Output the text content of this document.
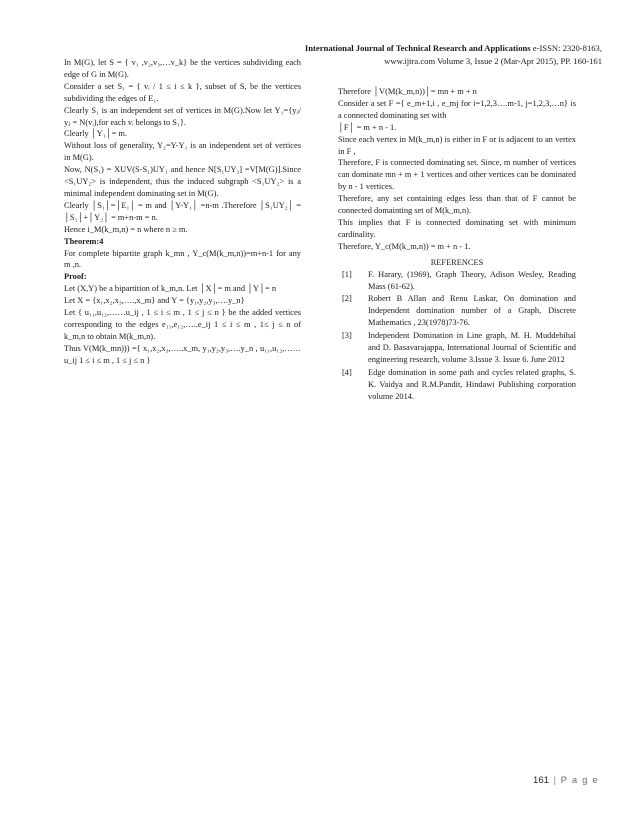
International Journal of Technical Research and Applications e-ISSN: 2320-8163,
www.ijtra.com Volume 3, Issue 2 (Mar-Apr 2015), PP. 160-161

In M(G), let S = { v₁ ,v₂,v₃,…v_k} be the vertices subdividing each edge of G in M(G).

Consider a set S₁ = { vᵢ / 1 ≤ i ≤ k }, subset of S, be the vertices subdividing the edges of E₁.

Clearly S₁ is an independent set of vertices in M(G).Now let Y₁={yⱼ/ yⱼ = N(vᵢ),for each vᵢ belongs to S₁}.

Clearly │Y₁│= m.

Without loss of generality, Y₂=Y-Y₁ is an independent set of vertices in M(G).

Now, N(S₁) = XUV(S-S₁)UY₁ and hence N[S₁UY₂] =V[M(G)].Since <S₁UY₂> is independent, thus the induced subgraph <S₁UY₂> is a minimal independent dominating set in M(G).

Clearly │S₁│=│E₁│ = m and │Y-Y₁│ =n-m .Therefore │S₁UY₂│ = │S₁│+│Y₂│ = m+n-m = n.

Hence i_M(k_m,n) = n where n ≥ m.

Theorem:4

For complete bipartite graph k_mn , Y_c(M(k_m,n))=m+n-1 for any m ,n.

Proof:

Let (X,Y) be a bipartition of k_m,n. Let │X│= m and │Y│= n

Let X = {x₁,x₂,x₃,….,x_m} and Y = {y₁,y₂,y₃,….y_n}

Let { u₁₁,u₁₂,……u_ij , 1 ≤ i ≤ m , 1 ≤ j ≤ n } be the added vertices corresponding to the edges e₁₁,e₁₂,…..e_ij 1 ≤ i ≤ m , 1≤ j ≤ n of k_m,n to obtain M(k_m,n).

Thus V(M(k_mn))) ={ x₁,x₂,x₃,…..x_m, y₁,y₂,y₃,….y_n , u₁₁,u₁₂,……u_ij 1 ≤ i ≤ m , 1 ≤ j ≤ n }

Therefore │V(M(k_m,n))│= mn + m + n

Consider a set F ={ e_m+1,i , e_mj for i=1,2,3….m-1, j=1,2,3,…n} is a connected dominating set with

│F│ = m + n - 1.

Since each vertex in M(k_m,n) is either in F or is adjacent to an vertex in F ,

Therefore, F is connected dominating set. Since, m number of vertices can dominate mn + m + 1 vertices and other vertices can be dominated by n - 1 vertices.

Therefore, any set containing edges less than that of F cannot be connected domainting set of M(k_m,n).

This implies that F is connected dominating set with minimum cardinality.

Therefore, Y_c(M(k_m,n)) = m + n - 1.

REFERENCES

[1]	F. Harary, (1969), Graph Theory, Adison Wesley, Reading Mass (61-62).
[2]	Robert B Allan and Renu Laskar, On domination and Independent domination number of a Graph, Discrete Mathematics , 23(1978)73-76.
[3]	Independent Domination in Line graph, M. H. Muddebihal and D. Basavarajappa, International Journal of Scientific and engineering research, volume 3.Issue 3. Issue 6. June 2012
[4]	Edge domination in some path and cycles related graphs, S. K. Vaidya and R.M.Pandit, Hindawi Publishing corporation volume 2014.
161 | P a g e
